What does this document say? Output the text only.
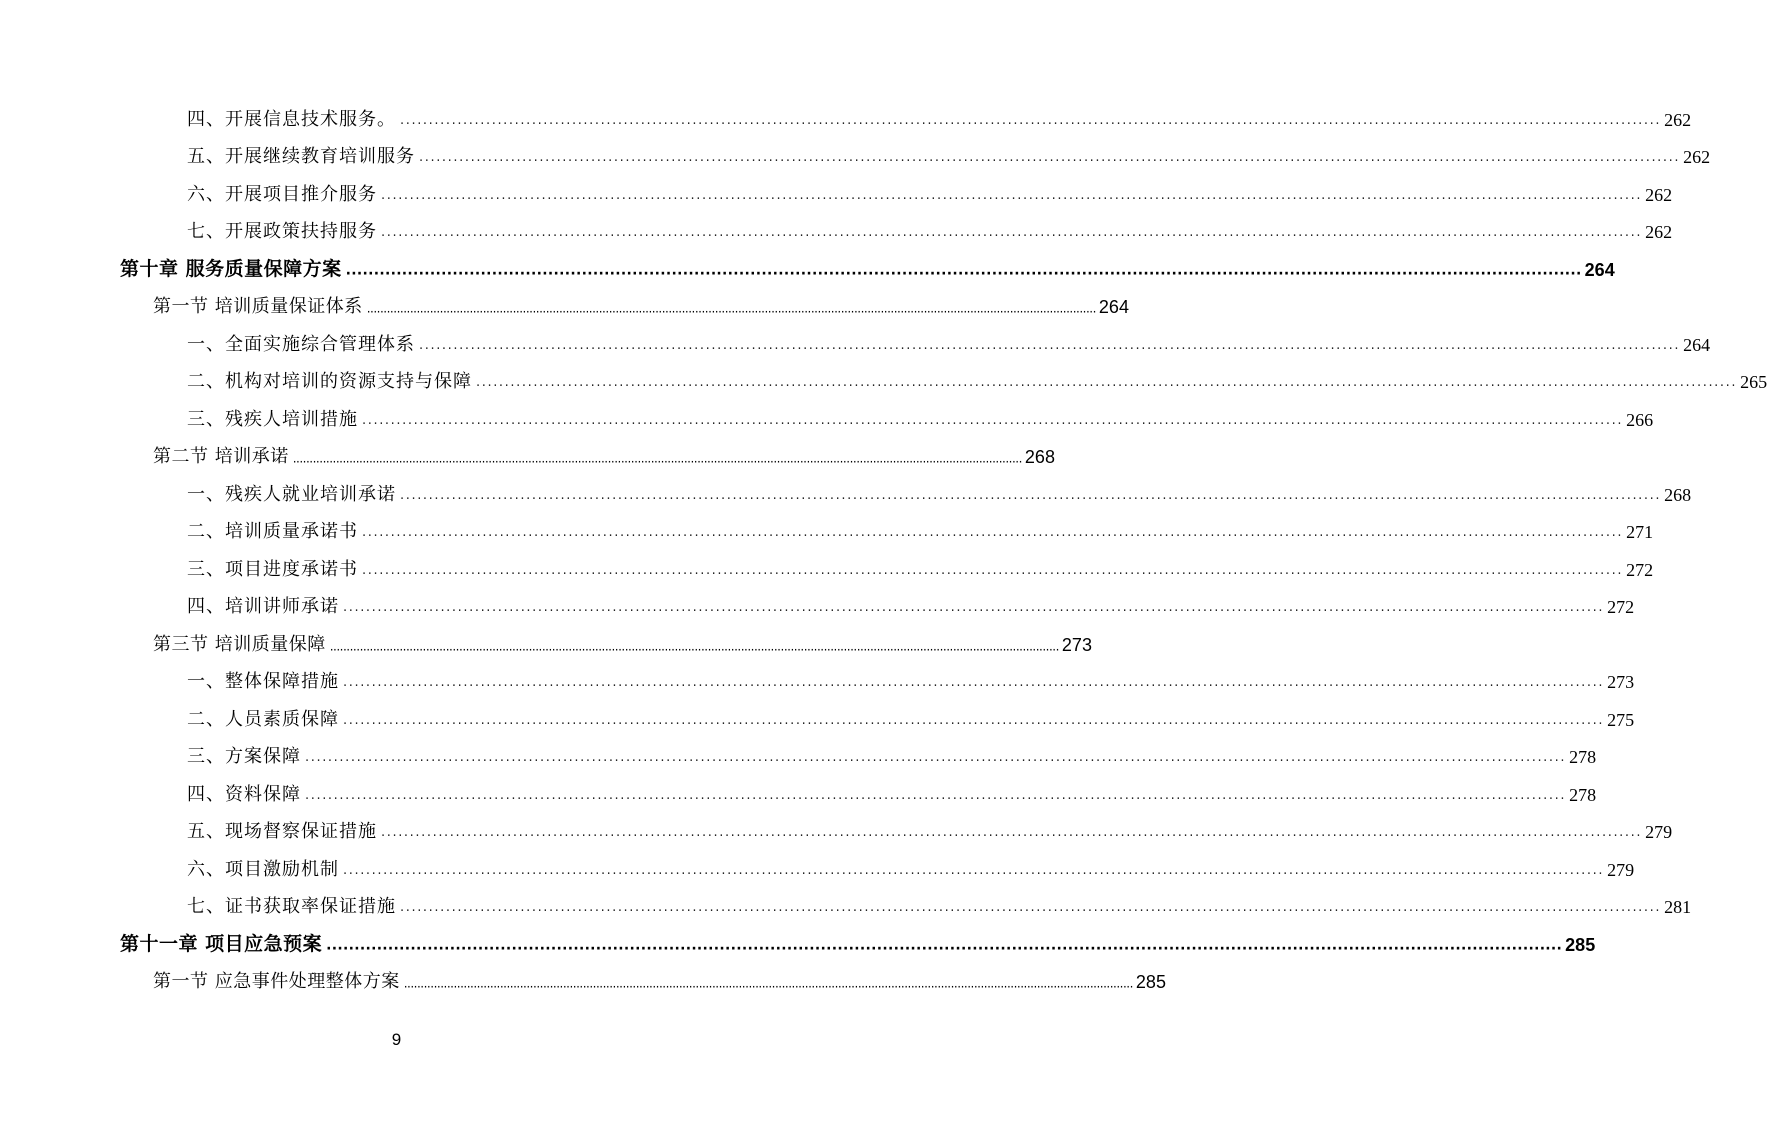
四、开展信息技术服务。 ···························································································································································································································· 262
五、开展继续教育培训服务 ···························································································································································································································· 262
六、开展项目推介服务 ···························································································································································································································· 262
七、开展政策扶持服务 ···························································································································································································································· 262
第十章 服务质量保障方案 ···························································································································································································································· 264
第一节 培训质量保证体系 ···························································································································································································································· 264
一、全面实施综合管理体系 ···························································································································································································································· 264
二、机构对培训的资源支持与保障 ···························································································································································································································· 265
三、残疾人培训措施 ···························································································································································································································· 266
第二节 培训承诺 ···························································································································································································································· 268
一、残疾人就业培训承诺 ···························································································································································································································· 268
二、培训质量承诺书 ···························································································································································································································· 271
三、项目进度承诺书 ···························································································································································································································· 272
四、培训讲师承诺 ···························································································································································································································· 272
第三节 培训质量保障 ···························································································································································································································· 273
一、整体保障措施 ···························································································································································································································· 273
二、人员素质保障 ···························································································································································································································· 275
三、方案保障 ···························································································································································································································· 278
四、资料保障 ···························································································································································································································· 278
五、现场督察保证措施 ···························································································································································································································· 279
六、项目激励机制 ···························································································································································································································· 279
七、证书获取率保证措施 ···························································································································································································································· 281
第十一章 项目应急预案 ···························································································································································································································· 285
第一节 应急事件处理整体方案 ···························································································································································································································· 285
9
